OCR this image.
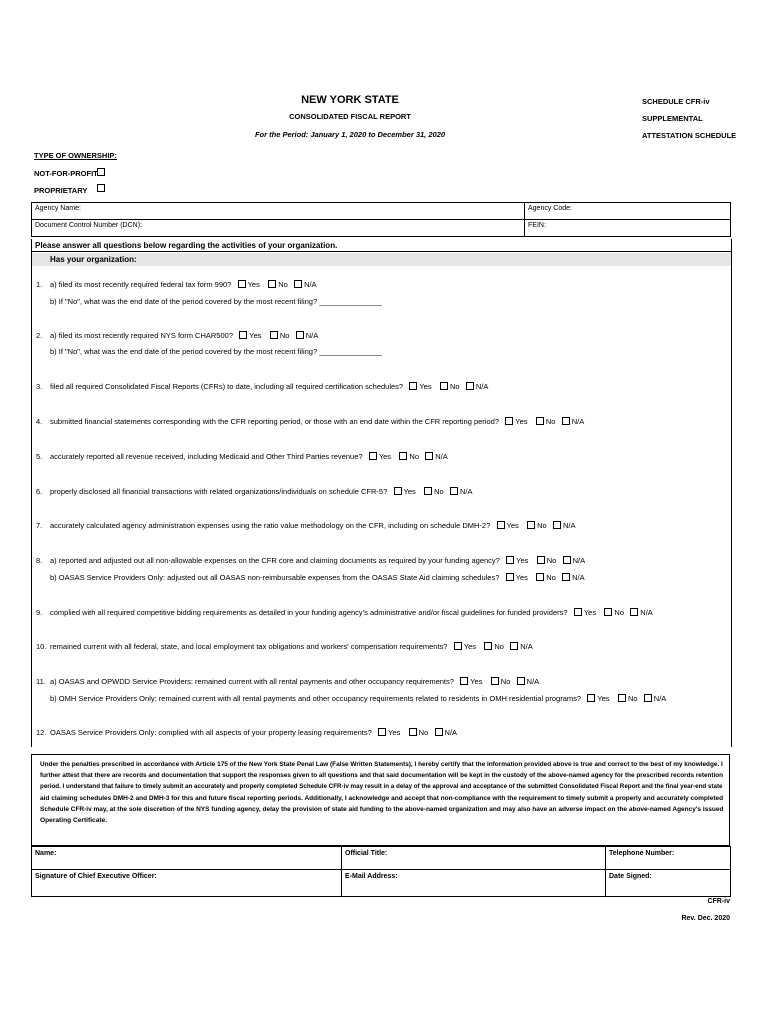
NEW YORK STATE
CONSOLIDATED FISCAL REPORT
For the Period: January 1, 2020 to December 31, 2020
SCHEDULE CFR-iv
SUPPLEMENTAL
ATTESTATION SCHEDULE
TYPE OF OWNERSHIP:
NOT-FOR-PROFIT
PROPRIETARY
Agency Name:	Agency Code:
Document Control Number (DCN):	FEIN:
Please answer all questions below regarding the activities of your organization.
Has your organization:
1. a) filed its most recently required federal tax form 990? Yes No N/A
b) If "No", what was the end date of the period covered by the most recent filing? _______________
2. a) filed its most recently required NYS form CHAR500? Yes No N/A
b) If "No", what was the end date of the period covered by the most recent filing? _______________
3. filed all required Consolidated Fiscal Reports (CFRs) to date, including all required certification schedules? Yes No N/A
4. submitted financial statements corresponding with the CFR reporting period, or those with an end date within the CFR reporting period? Yes No N/A
5. accurately reported all revenue received, including Medicaid and Other Third Parties revenue? Yes No N/A
6. properly disclosed all financial transactions with related organizations/individuals on schedule CFR-5? Yes No N/A
7. accurately calculated agency administration expenses using the ratio value methodology on the CFR, including on schedule DMH-2? Yes No N/A
8. a) reported and adjusted out all non-allowable expenses on the CFR core and claiming documents as required by your funding agency? Yes No N/A
b) OASAS Service Providers Only: adjusted out all OASAS non-reimbursable expenses from the OASAS State Aid claiming schedules? Yes No N/A
9. complied with all required competitive bidding requirements as detailed in your funding agency's administrative and/or fiscal guidelines for funded providers? Yes No N/A
10. remained current with all federal, state, and local employment tax obligations and workers' compensation requirements? Yes No N/A
11. a) OASAS and OPWDD Service Providers: remained current with all rental payments and other occupancy requirements? Yes No N/A
b) OMH Service Providers Only: remained current with all rental payments and other occupancy requirements related to residents in OMH residential programs? Yes No N/A
12. OASAS Service Providers Only: complied with all aspects of your property leasing requirements? Yes No N/A
Under the penalties prescribed in accordance with Article 175 of the New York State Penal Law (False Written Statements), I hereby certify that the information provided above is true and correct to the best of my knowledge. I
further attest that there are records and documentation that support the responses given to all questions and that said documentation will be kept in the custody of the above-named agency for the prescribed records retention
period. I understand that failure to timely submit an accurately and properly completed Schedule CFR-iv may result in a delay of the approval and acceptance of the submitted Consolidated Fiscal Report and the final year-end state
aid claiming schedules DMH-2 and DMH-3 for this and future fiscal reporting periods. Additionally, I acknowledge and accept that non-compliance with the requirement to timely submit a properly and accurately completed
Schedule CFR-iv may, at the sole discretion of the NYS funding agency, delay the provision of state aid funding to the above-named organization and may also have an adverse impact on the above-named Agency's issued
Operating Certificate.
Name:	Official Title:	Telephone Number:
Signature of Chief Executive Officer:	E-Mail Address:	Date Signed:
CFR-iv
Rev. Dec. 2020
